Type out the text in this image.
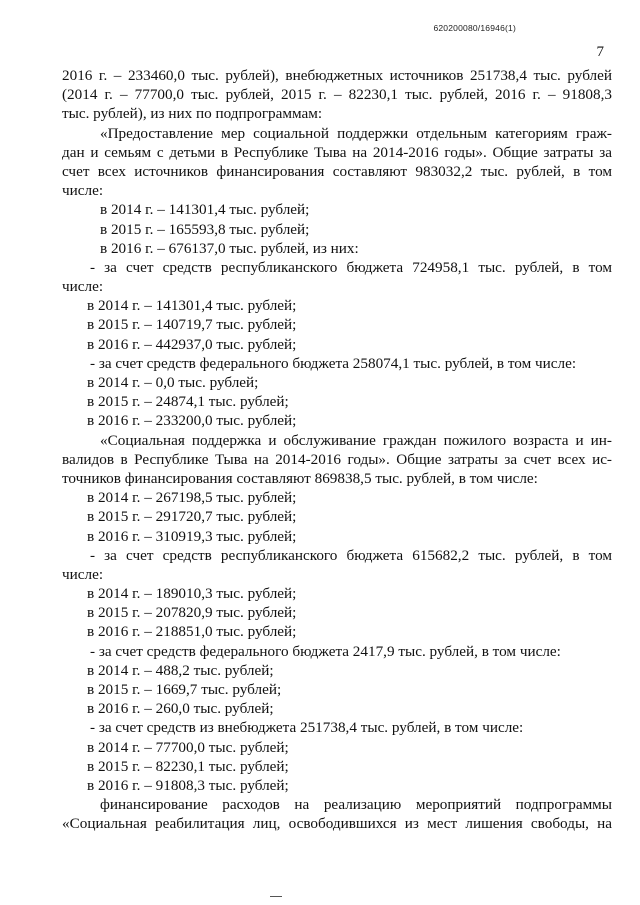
620200080/16946(1)
7
2016 г. – 233460,0 тыс. рублей), внебюджетных источников 251738,4 тыс. рублей
(2014 г. – 77700,0 тыс. рублей, 2015 г. – 82230,1 тыс. рублей, 2016 г. – 91808,3
тыс. рублей), из них по подпрограммам:
«Предоставление мер социальной поддержки отдельным категориям граж-
дан и семьям с детьми в Республике Тыва на 2014-2016 годы». Общие затраты за
счет всех источников финансирования составляют 983032,2 тыс. рублей, в том
числе:
в 2014 г. – 141301,4 тыс. рублей;
в 2015 г. – 165593,8 тыс. рублей;
в 2016 г. – 676137,0 тыс. рублей, из них:
- за счет средств республиканского бюджета 724958,1 тыс. рублей, в том
числе:
в 2014 г. – 141301,4 тыс. рублей;
в 2015 г. – 140719,7 тыс. рублей;
в 2016 г. – 442937,0 тыс. рублей;
- за счет средств федерального бюджета 258074,1 тыс. рублей, в том числе:
в 2014 г. – 0,0 тыс. рублей;
в 2015 г. – 24874,1 тыс. рублей;
в 2016 г. – 233200,0 тыс. рублей;
«Социальная поддержка и обслуживание граждан пожилого возраста и ин-
валидов в Республике Тыва на 2014-2016 годы». Общие затраты за счет всех ис-
точников финансирования составляют 869838,5 тыс. рублей, в том числе:
в 2014 г. – 267198,5 тыс. рублей;
в 2015 г. – 291720,7 тыс. рублей;
в 2016 г. – 310919,3 тыс. рублей;
- за счет средств республиканского бюджета 615682,2 тыс. рублей, в том
числе:
в 2014 г. – 189010,3 тыс. рублей;
в 2015 г. – 207820,9 тыс. рублей;
в 2016 г. – 218851,0 тыс. рублей;
- за счет средств федерального бюджета 2417,9 тыс. рублей, в том числе:
в 2014 г. – 488,2 тыс. рублей;
в 2015 г. – 1669,7 тыс. рублей;
в 2016 г. – 260,0 тыс. рублей;
- за счет средств из внебюджета 251738,4 тыс. рублей, в том числе:
в 2014 г. – 77700,0 тыс. рублей;
в 2015 г. – 82230,1 тыс. рублей;
в 2016 г. – 91808,3 тыс. рублей;
финансирование расходов на реализацию мероприятий подпрограммы
«Социальная реабилитация лиц, освободившихся из мест лишения свободы, на
